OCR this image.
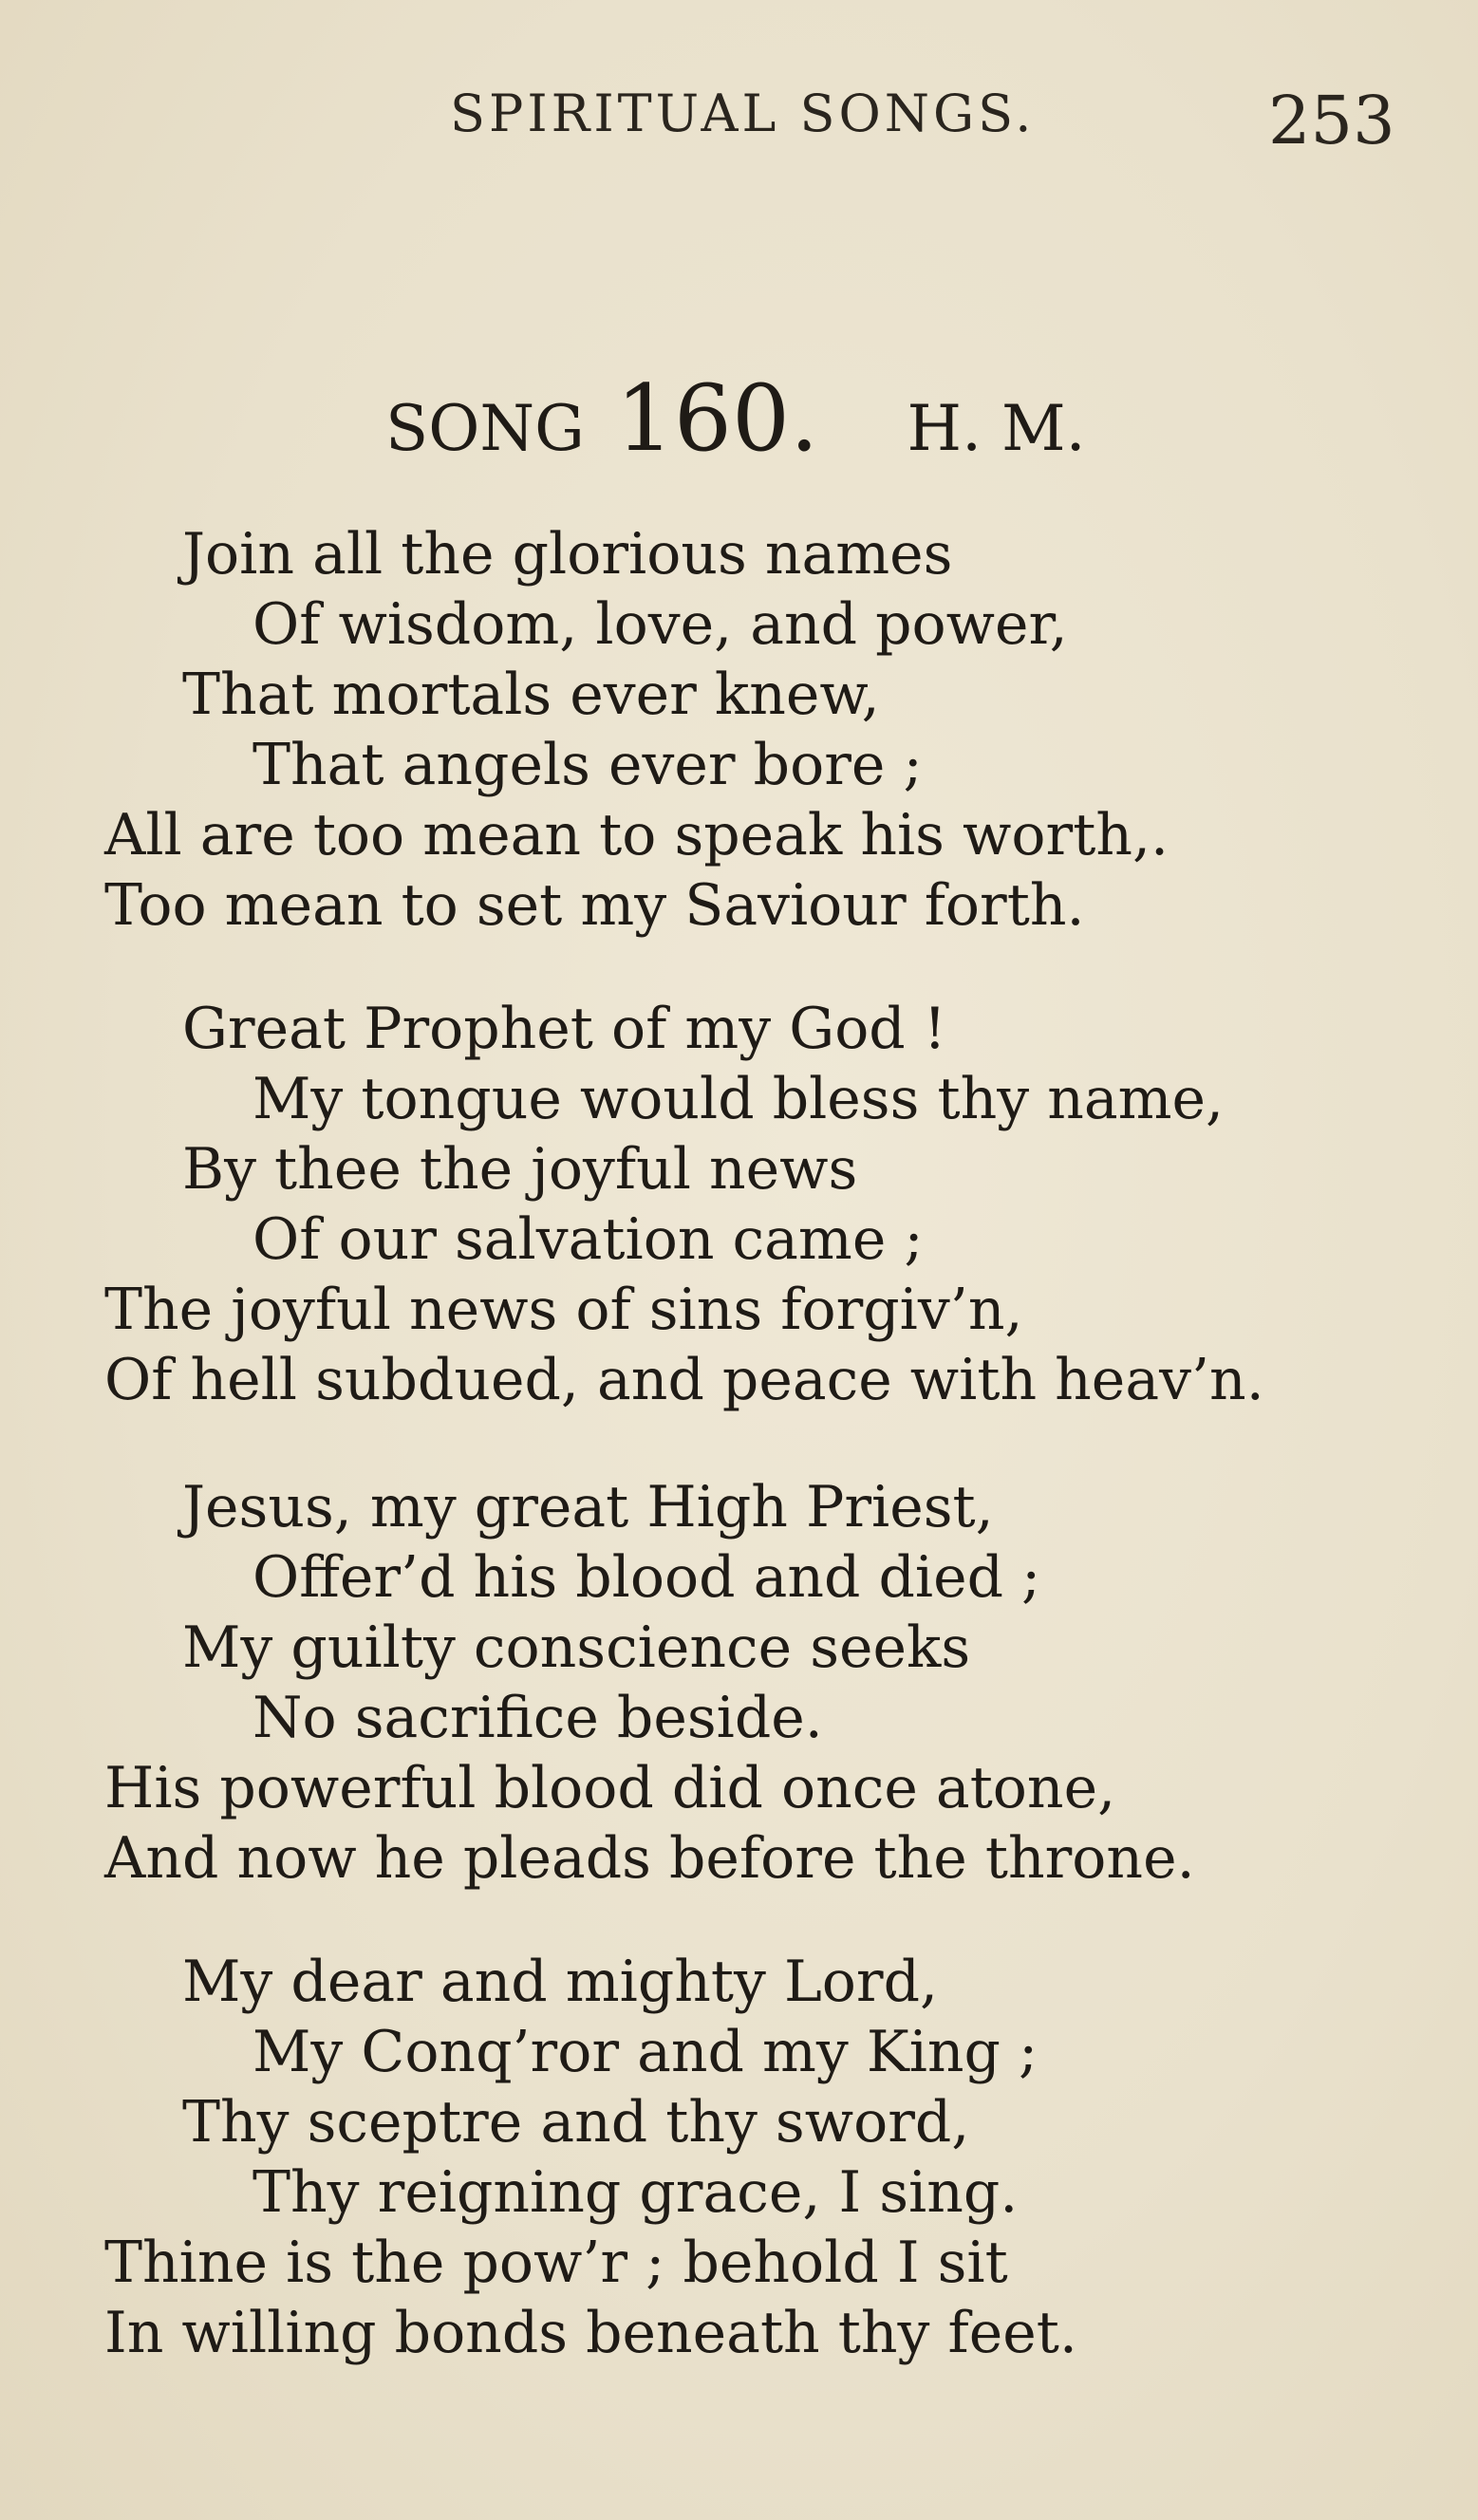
SPIRITUAL SONGS.	253
SONG 160. H. M.
Join all the glorious names
Of wisdom, love, and power,
That mortals ever knew,
That angels ever bore ;
All are too mean to speak his worth,.
Too mean to set my Saviour forth.
Great Prophet of my God !
My tongue would bless thy name,
By thee the joyful news
Of our salvation came ;
The joyful news of sins forgiv’n,
Of hell subdued, and peace with heav’n.
Jesus, my great High Priest,
Offer’d his blood and died ;
My guilty conscience seeks
No sacrifice beside.
His powerful blood did once atone,
And now he pleads before the throne.
My dear and mighty Lord,
My Conq’ror and my King ;
Thy sceptre and thy sword,
Thy reigning grace, I sing.
Thine is the pow’r ; behold I sit
In willing bonds beneath thy feet.
